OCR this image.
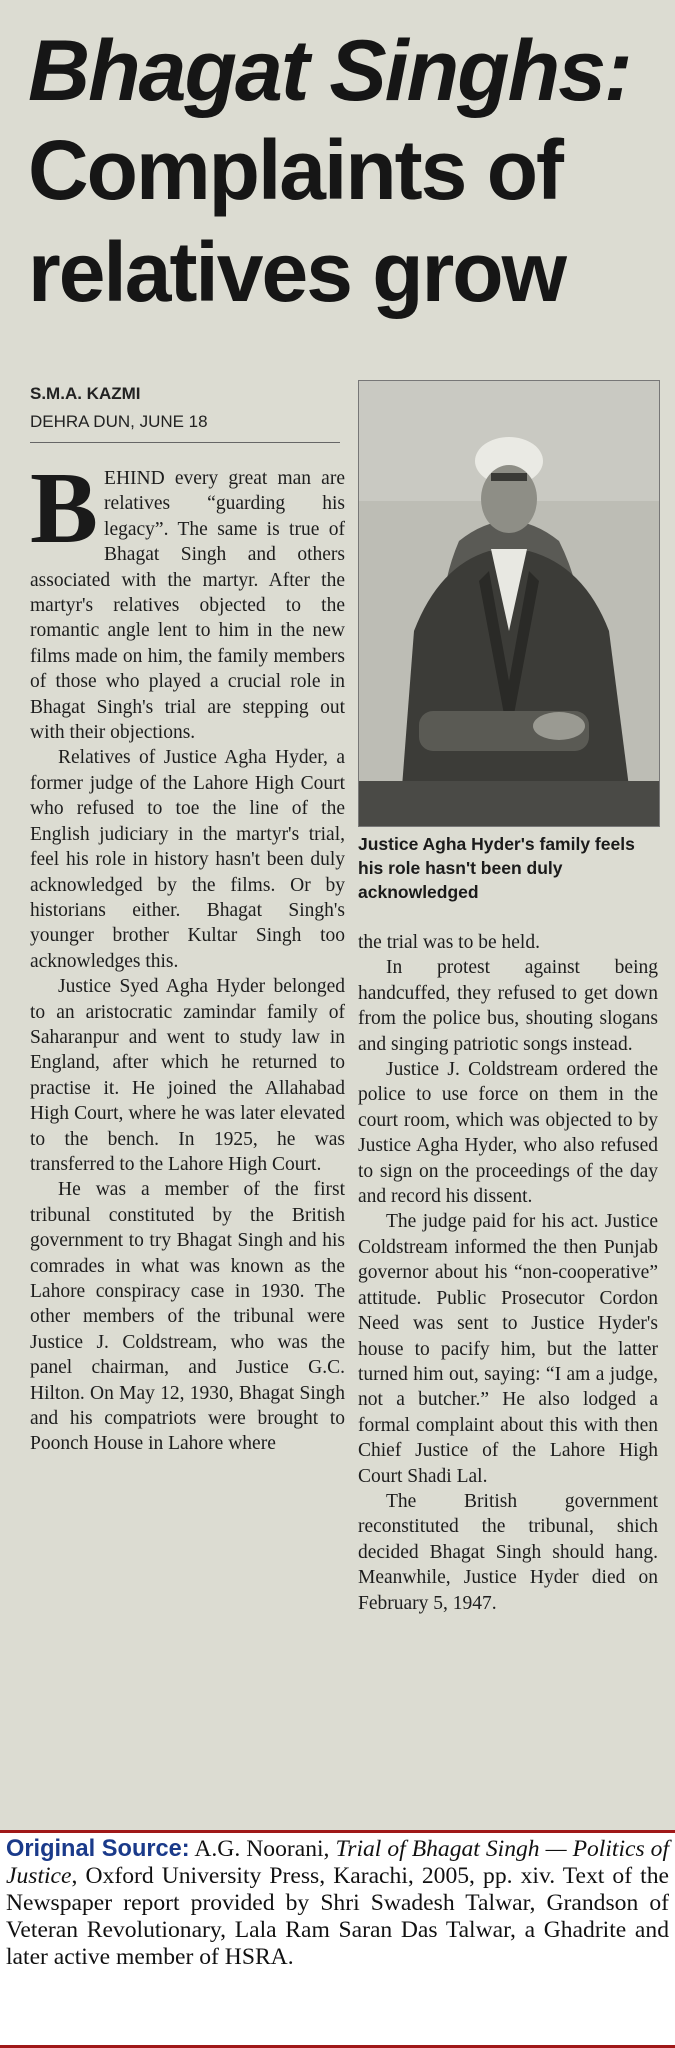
Bhagat Singhs:
Complaints of
relatives grow
S.M.A. KAZMI
DEHRA DUN, JUNE 18
Justice Agha Hyder's family feels his role hasn't been duly acknowledged

BEHIND every great man are relatives “guarding his legacy”. The same is true of Bhagat Singh and others associated with the martyr. After the martyr's relatives objected to the romantic angle lent to him in the new films made on him, the family members of those who played a crucial role in Bhagat Singh's trial are stepping out with their objections.

Relatives of Justice Agha Hyder, a former judge of the Lahore High Court who refused to toe the line of the English judiciary in the martyr's trial, feel his role in history hasn't been duly acknowledged by the films. Or by historians either. Bhagat Singh's younger brother Kultar Singh too acknowledges this.

Justice Syed Agha Hyder belonged to an aristocratic zamindar family of Saharanpur and went to study law in England, after which he returned to practise it. He joined the Allahabad High Court, where he was later elevated to the bench. In 1925, he was transferred to the Lahore High Court.

He was a member of the first tribunal constituted by the British government to try Bhagat Singh and his comrades in what was known as the Lahore conspiracy case in 1930. The other members of the tribunal were Justice J. Coldstream, who was the panel chairman, and Justice G.C. Hilton. On May 12, 1930, Bhagat Singh and his compatriots were brought to Poonch House in Lahore where

the trial was to be held.

In protest against being handcuffed, they refused to get down from the police bus, shouting slogans and singing patriotic songs instead.

Justice J. Coldstream ordered the police to use force on them in the court room, which was objected to by Justice Agha Hyder, who also refused to sign on the proceedings of the day and record his dissent.

The judge paid for his act. Justice Coldstream informed the then Punjab governor about his “non-cooperative” attitude. Public Prosecutor Cordon Need was sent to Justice Hyder's house to pacify him, but the latter turned him out, saying: “I am a judge, not a butcher.” He also lodged a formal complaint about this with then Chief Justice of the Lahore High Court Shadi Lal.

The British government reconstituted the tribunal, shich decided Bhagat Singh should hang. Meanwhile, Justice Hyder died on February 5, 1947.

Original Source: A.G. Noorani, Trial of Bhagat Singh — Politics of Justice, Oxford University Press, Karachi, 2005, pp. xiv. Text of the Newspaper report provided by Shri Swadesh Talwar, Grandson of Veteran Revolutionary, Lala Ram Saran Das Talwar, a Ghadrite and later active member of HSRA.
